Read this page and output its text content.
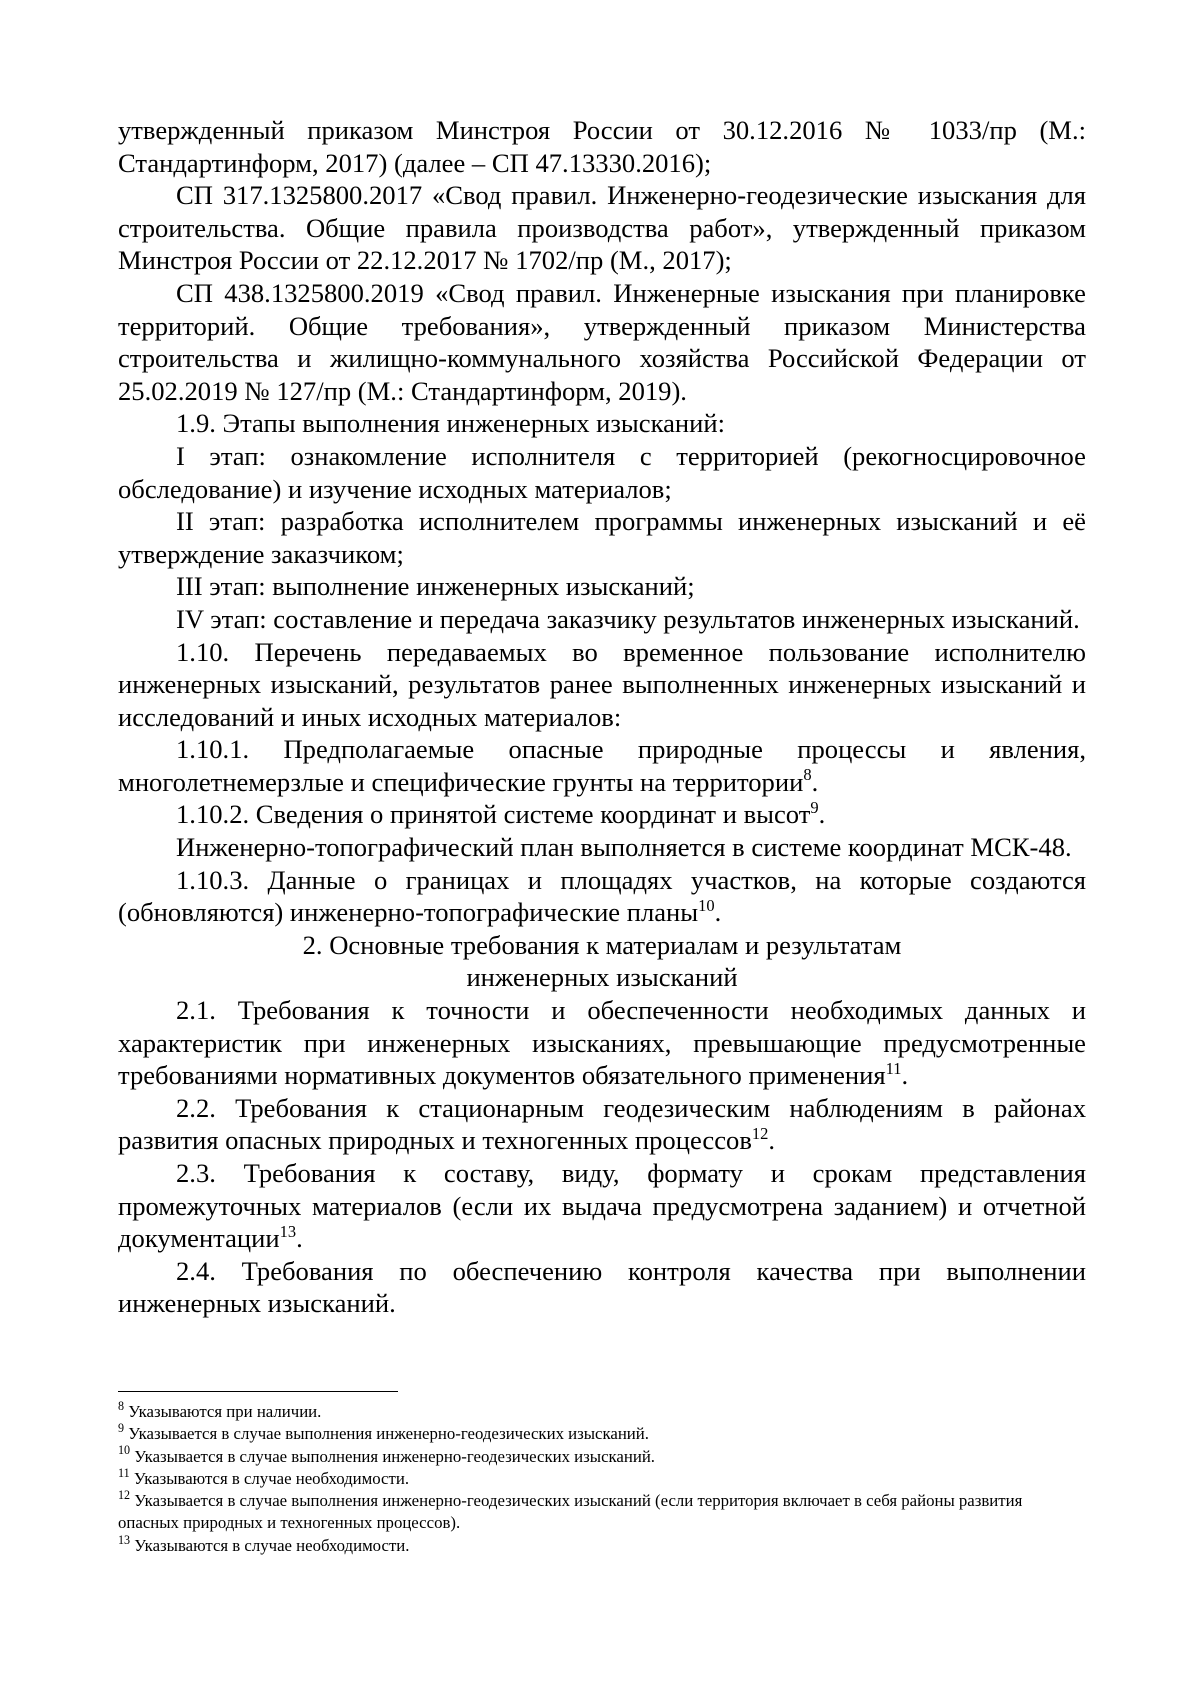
утвержденный приказом Минстроя России от 30.12.2016 № 1033/пр (М.: Стандартинформ, 2017) (далее – СП 47.13330.2016);

СП 317.1325800.2017 «Свод правил. Инженерно-геодезические изыскания для строительства. Общие правила производства работ», утвержденный приказом Минстроя России от 22.12.2017 № 1702/пр (М., 2017);

СП 438.1325800.2019 «Свод правил. Инженерные изыскания при планировке территорий. Общие требования», утвержденный приказом Министерства строительства и жилищно-коммунального хозяйства Российской Федерации от 25.02.2019 № 127/пр (М.: Стандартинформ, 2019).

1.9. Этапы выполнения инженерных изысканий:

I этап: ознакомление исполнителя с территорией (рекогносцировочное обследование) и изучение исходных материалов;

II этап: разработка исполнителем программы инженерных изысканий и её утверждение заказчиком;

III этап: выполнение инженерных изысканий;

IV этап: составление и передача заказчику результатов инженерных изысканий.

1.10. Перечень передаваемых во временное пользование исполнителю инженерных изысканий, результатов ранее выполненных инженерных изысканий и исследований и иных исходных материалов:

1.10.1. Предполагаемые опасные природные процессы и явления, многолетнемерзлые и специфические грунты на территории$^8$.

1.10.2. Сведения о принятой системе координат и высот$^9$.

Инженерно-топографический план выполняется в системе координат МСК-48.

1.10.3. Данные о границах и площадях участков, на которые создаются (обновляются) инженерно-топографические планы$^{10}$.

2. Основные требования к материалам и результатам

инженерных изысканий

2.1. Требования к точности и обеспеченности необходимых данных и характеристик при инженерных изысканиях, превышающие предусмотренные требованиями нормативных документов обязательного применения$^{11}$.

2.2. Требования к стационарным геодезическим наблюдениям в районах развития опасных природных и техногенных процессов$^{12}$.

2.3. Требования к составу, виду, формату и срокам представления промежуточных материалов (если их выдача предусмотрена заданием) и отчетной документации$^{13}$.

2.4. Требования по обеспечению контроля качества при выполнении инженерных изысканий.

$^8$ Указываются при наличии.

$^9$ Указывается в случае выполнения инженерно-геодезических изысканий.

$^{10}$ Указывается в случае выполнения инженерно-геодезических изысканий.

$^{11}$ Указываются в случае необходимости.

$^{12}$ Указывается в случае выполнения инженерно-геодезических изысканий (если территория включает в себя районы развития опасных природных и техногенных процессов).

$^{13}$ Указываются в случае необходимости.
